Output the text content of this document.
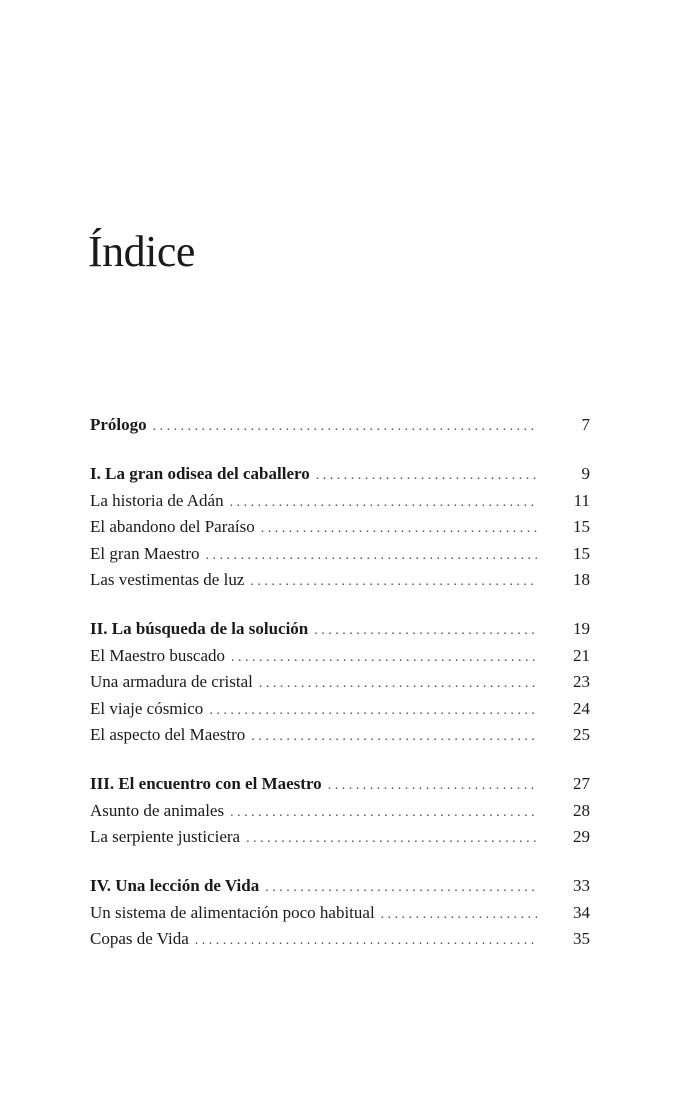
Índice
Prólogo . . .	7
I. La gran odisea del caballero . . .	9
La historia de Adán . . .	11
El abandono del Paraíso . . .	15
El gran Maestro . . .	15
Las vestimentas de luz . . .	18
II. La búsqueda de la solución . . .	19
El Maestro buscado . . .	21
Una armadura de cristal . . .	23
El viaje cósmico . . .	24
El aspecto del Maestro . . .	25
III. El encuentro con el Maestro . . .	27
Asunto de animales . . .	28
La serpiente justiciera . . .	29
IV. Una lección de Vida . . .	33
Un sistema de alimentación poco habitual . . .	34
Copas de Vida . . .	35
